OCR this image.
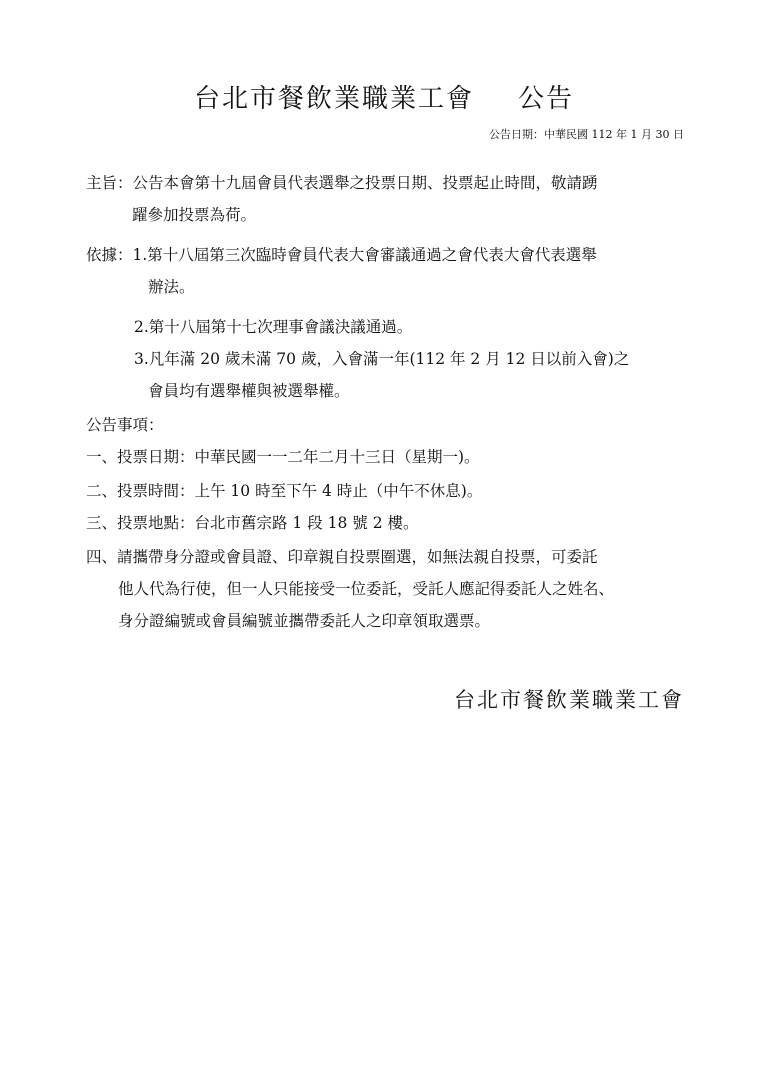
台北市餐飲業職業工會 公告
公告日期：中華民國 112 年 1 月 30 日
主旨：公告本會第十九屆會員代表選舉之投票日期、投票起止時間，敬請踴
躍參加投票為荷。
依據：1.第十八屆第三次臨時會員代表大會審議通過之會代表大會代表選舉
辦法。
2.第十八屆第十七次理事會議決議通過。
3.凡年滿 20 歲未滿 70 歲，入會滿一年(112 年 2 月 12 日以前入會)之
會員均有選舉權與被選舉權。
公告事項：
一、投票日期：中華民國一一二年二月十三日（星期一)。
二、投票時間：上午 10 時至下午 4 時止（中午不休息)。
三、投票地點：台北市舊宗路 1 段 18 號 2 樓。
四、請攜帶身分證或會員證、印章親自投票圈選，如無法親自投票，可委託
他人代為行使，但一人只能接受一位委託，受託人應記得委託人之姓名、
身分證編號或會員編號並攜帶委託人之印章領取選票。
台北市餐飲業職業工會
